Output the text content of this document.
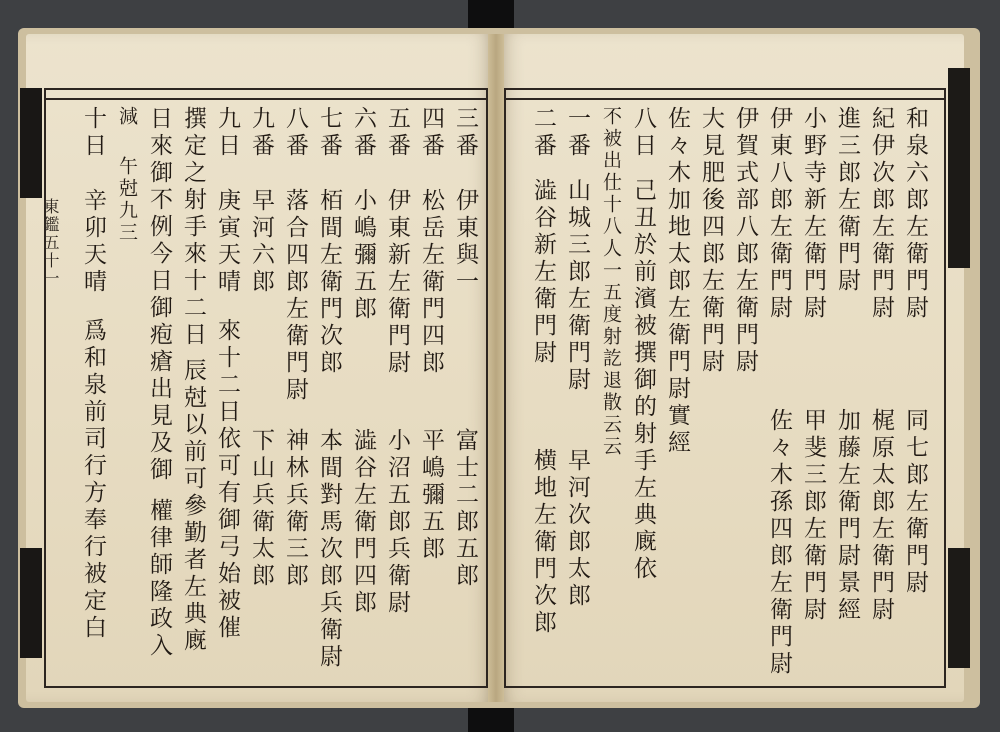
東鑑五十一
三番
四番
五番
六番
七番
八番
九番
九日
撰定之射手來十二日
日來御不例今日御疱瘡出見及御
減
十日
伊東與一
松岳左衛門四郎
伊東新左衛門尉
小嶋彌五郎
栢間左衛門次郎
落合四郎左衛門尉
早河六郎
庚寅天晴
辰尅以前可參勤者左典廐
權律師隆政入
午尅九三
辛卯天晴
富士二郎五郎
平嶋彌五郎
小沼五郎兵衛尉
澁谷左衛門四郎
本間對馬次郎兵衛尉
神林兵衛三郎
下山兵衛太郎
來十二日依可有御弓始被催
爲和泉前司行方奉行被定白
和泉六郎左衛門尉
紀伊次郎左衛門尉
進三郎左衛門尉
小野寺新左衛門尉
伊東八郎左衛門尉
伊賀式部八郎左衛門尉
大見肥後四郎左衛門尉
佐々木加地太郎左衛門尉實經
八日
不被出仕十八人一五度射訖退散云云
一番
二番
同七郎左衛門尉
梶原太郎左衛門尉
加藤左衛門尉景經
甲斐三郎左衛門尉
佐々木孫四郎左衛門尉
己丑於前濱被撰御的射手左典廐依
山城三郎左衛門尉
澁谷新左衛門尉
早河次郎太郎
横地左衛門次郎
